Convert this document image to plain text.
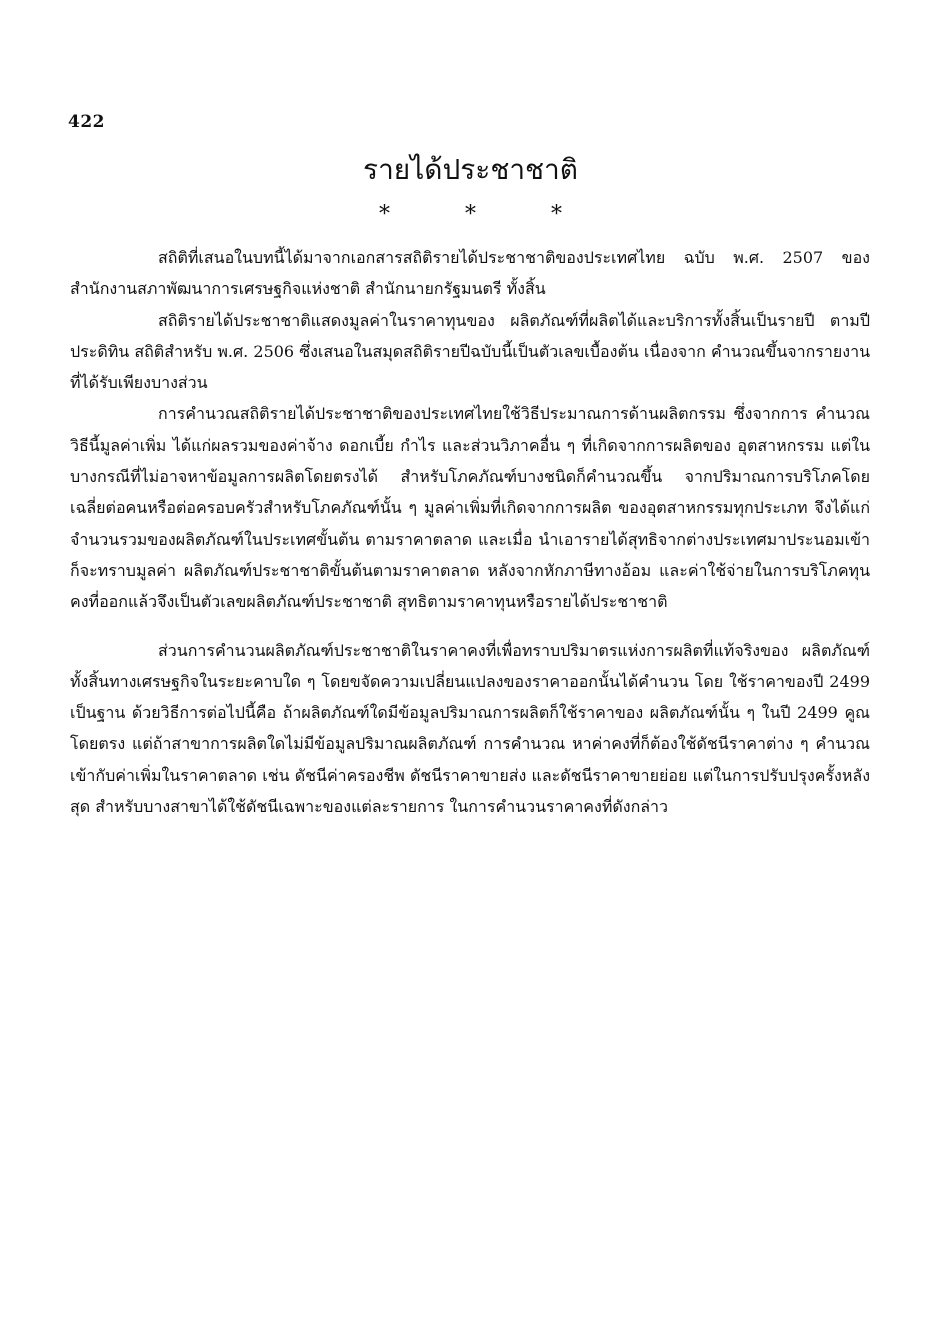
422
รายได้ประชาชาติ
* * *

สถิติที่เสนอในบทนี้ได้มาจากเอกสารสถิติรายได้ประชาชาติของประเทศไทย ฉบับ พ.ศ. 2507 ของสำนักงานสภาพัฒนาการเศรษฐกิจแห่งชาติ สำนักนายกรัฐมนตรี ทั้งสิ้น

สถิติรายได้ประชาชาติแสดงมูลค่าในราคาทุนของ ผลิตภัณฑ์ที่ผลิตได้และบริการทั้งสิ้นเป็นรายปี ตามปีประดิทิน สถิติสำหรับ พ.ศ. 2506 ซึ่งเสนอในสมุดสถิติรายปีฉบับนี้เป็นตัวเลขเบื้องต้น เนื่องจาก คำนวณขึ้นจากรายงานที่ได้รับเพียงบางส่วน

การคำนวณสถิติรายได้ประชาชาติของประเทศไทยใช้วิธีประมาณการด้านผลิตกรรม ซึ่งจากการ คำนวณวิธีนี้มูลค่าเพิ่ม ได้แก่ผลรวมของค่าจ้าง ดอกเบี้ย กำไร และส่วนวิภาคอื่น ๆ ที่เกิดจากการผลิตของ อุตสาหกรรม แต่ในบางกรณีที่ไม่อาจหาข้อมูลการผลิตโดยตรงได้ สำหรับโภคภัณฑ์บางชนิดก็คำนวณขึ้น จากปริมาณการบริโภคโดยเฉลี่ยต่อคนหรือต่อครอบครัวสำหรับโภคภัณฑ์นั้น ๆ มูลค่าเพิ่มที่เกิดจากการผลิต ของอุตสาหกรรมทุกประเภท จึงได้แก่จำนวนรวมของผลิตภัณฑ์ในประเทศขั้นต้น ตามราคาตลาด และเมื่อ นำเอารายได้สุทธิจากต่างประเทศมาประนอมเข้าก็จะทราบมูลค่า ผลิตภัณฑ์ประชาชาติขั้นต้นตามราคาตลาด หลังจากหักภาษีทางอ้อม และค่าใช้จ่ายในการบริโภคทุนคงที่ออกแล้วจึงเป็นตัวเลขผลิตภัณฑ์ประชาชาติ สุทธิตามราคาทุนหรือรายได้ประชาชาติ

ส่วนการคำนวนผลิตภัณฑ์ประชาชาติในราคาคงที่เพื่อทราบปริมาตรแห่งการผลิตที่แท้จริงของ ผลิตภัณฑ์ทั้งสิ้นทางเศรษฐกิจในระยะคาบใด ๆ โดยขจัดความเปลี่ยนแปลงของราคาออกนั้นได้คำนวน โดย ใช้ราคาของปี 2499 เป็นฐาน ด้วยวิธีการต่อไปนี้คือ ถ้าผลิตภัณฑ์ใดมีข้อมูลปริมาณการผลิตก็ใช้ราคาของ ผลิตภัณฑ์นั้น ๆ ในปี 2499 คูณโดยตรง แต่ถ้าสาขาการผลิตใดไม่มีข้อมูลปริมาณผลิตภัณฑ์ การคำนวณ หาค่าคงที่ก็ต้องใช้ดัชนีราคาต่าง ๆ คำนวณเข้ากับค่าเพิ่มในราคาตลาด เช่น ดัชนีค่าครองชีพ ดัชนีราคาขายส่ง และดัชนีราคาขายย่อย แต่ในการปรับปรุงครั้งหลังสุด สำหรับบางสาขาได้ใช้ดัชนีเฉพาะของแต่ละรายการ ในการคำนวนราคาคงที่ดังกล่าว
